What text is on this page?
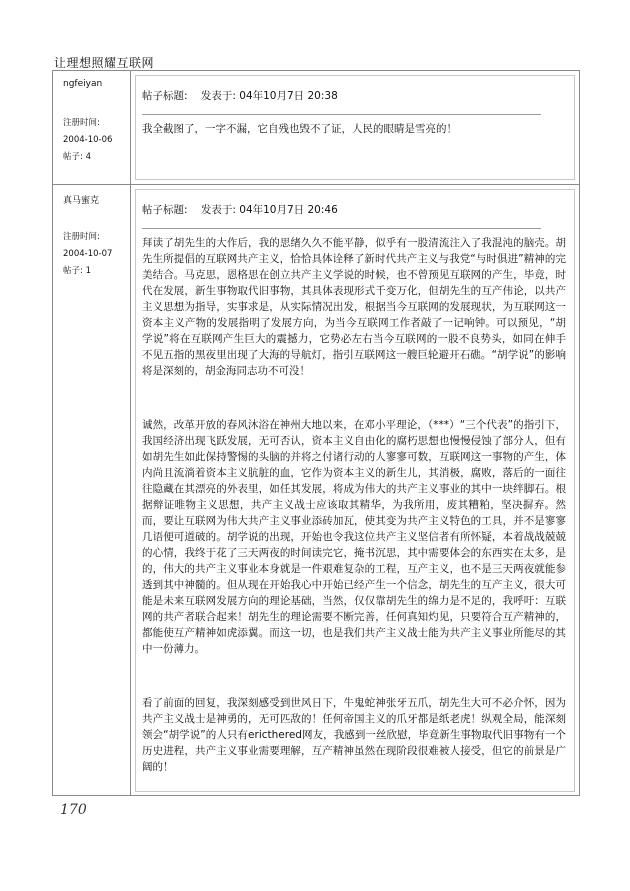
让理想照耀互联网
ngfeiyan
注册时间:
2004-10-06
帖子: 4
帖子标题: 发表于: 04年10月7日 20:38

我全截图了，一字不漏，它自残也毁不了证，人民的眼睛是雪亮的！

真马蜜克
注册时间:
2004-10-07
帖子: 1
帖子标题: 发表于: 04年10月7日 20:46

拜读了胡先生的大作后，我的思绪久久不能平静，似乎有一股清流注入了我混沌的脑壳。胡先生所提倡的互联网共产主义，恰恰具体诠释了新时代共产主义与我党“与时俱进”精神的完美结合。马克思，恩格思在创立共产主义学说的时候，也不曾预见互联网的产生，毕竟，时代在发展，新生事物取代旧事物，其具体表现形式千变万化，但胡先生的互产伟论，以共产主义思想为指导，实事求是，从实际情况出发，根据当今互联网的发展现状，为互联网这一资本主义产物的发展指明了发展方向，为当今互联网工作者敲了一记响钟。可以预见，“胡学说”将在互联网产生巨大的震撼力，它势必左右当今互联网的一股不良势头，如同在伸手不见五指的黑夜里出现了大海的导航灯，指引互联网这一艘巨轮避开石礁。“胡学说”的影响将是深刻的，胡金海同志功不可没！

诚然，改革开放的春风沐浴在神州大地以来，在邓小平理论，（***）“三个代表”的指引下，我国经济出现飞跃发展，无可否认，资本主义自由化的腐朽思想也慢慢侵蚀了部分人，但有如胡先生如此保持警惕的头脑的并将之付诸行动的人寥寥可数，互联网这一事物的产生，体内尚且流淌着资本主义肮脏的血，它作为资本主义的新生儿，其消极，腐败，落后的一面往往隐藏在其漂亮的外表里，如任其发展，将成为伟大的共产主义事业的其中一块绊脚石。根据辩证唯物主义思想，共产主义战士应该取其精华，为我所用，废其糟粕，坚决摒弃。然而，要让互联网为伟大共产主义事业添砖加瓦，使其变为共产主义特色的工具，并不是寥寥几语便可道破的。胡学说的出现，开始也令我这位共产主义坚信者有所怀疑，本着战战兢兢的心情，我终于花了三天两夜的时间读完它，掩书沉思，其中需要体会的东西实在太多，是的，伟大的共产主义事业本身就是一件艰难复杂的工程，互产主义，也不是三天两夜就能参透到其中神髓的。但从现在开始我心中开始已经产生一个信念，胡先生的互产主义，很大可能是未来互联网发展方向的理论基础，当然，仅仅靠胡先生的绵力是不足的，我呼吁：互联网的共产者联合起来！胡先生的理论需要不断完善，任何真知灼见，只要符合互产精神的，都能使互产精神如虎添翼。而这一切，也是我们共产主义战士能为共产主义事业所能尽的其中一份薄力。

看了前面的回复，我深刻感受到世风日下，牛鬼蛇神张牙五爪，胡先生大可不必介怀，因为共产主义战士是神勇的，无可匹敌的！任何帝国主义的爪牙都是纸老虎！纵观全局，能深刻领会“胡学说”的人只有ericthered网友，我感到一丝欣慰，毕竟新生事物取代旧事物有一个历史进程，共产主义事业需要理解，互产精神虽然在现阶段很难被人接受，但它的前景是广阔的！

170
